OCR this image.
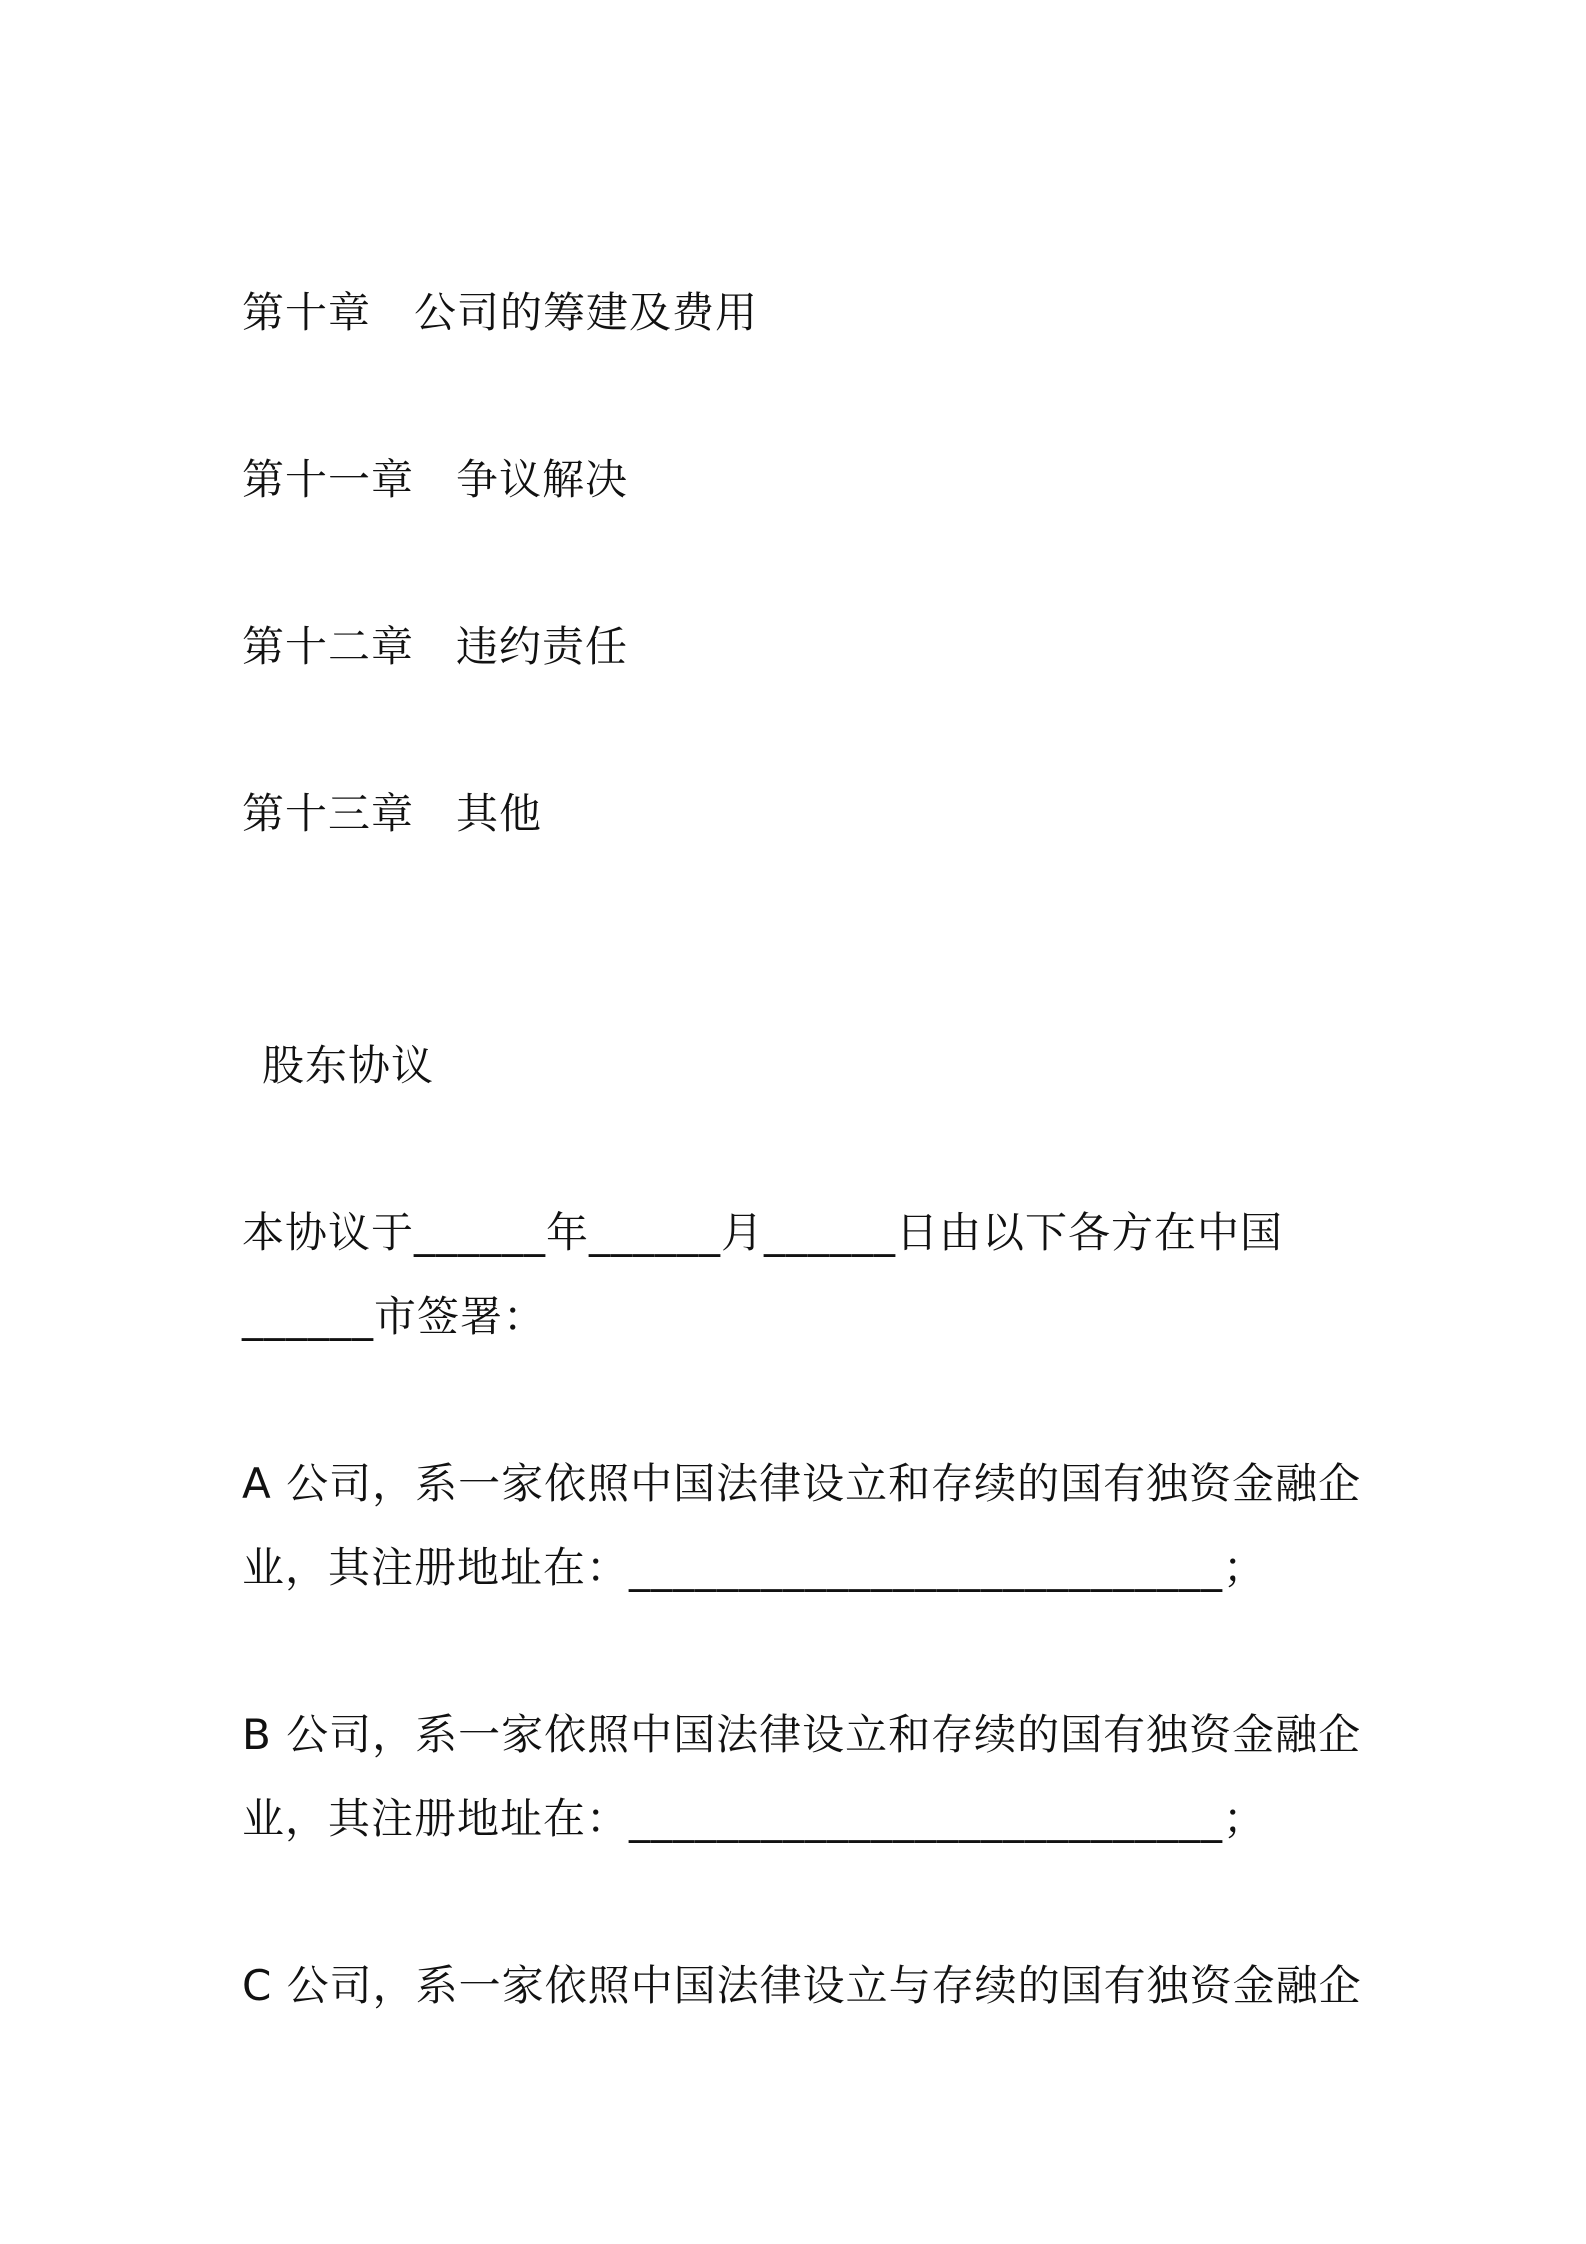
第十章 公司的筹建及费用
第十一章 争议解决
第十二章 违约责任
第十三章 其他
股东协议
本协议于______年______月______日由以下各方在中国
______市签署：
A 公司，系一家依照中国法律设立和存续的国有独资金融企
业，其注册地址在：___________________________；
B 公司，系一家依照中国法律设立和存续的国有独资金融企
业，其注册地址在：___________________________；
C 公司，系一家依照中国法律设立与存续的国有独资金融企
